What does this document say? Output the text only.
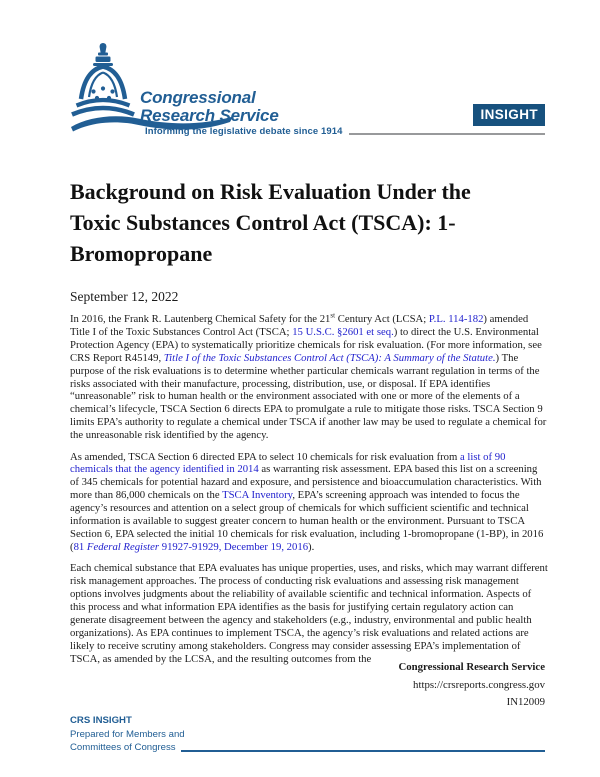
Congressional
Research Service
Informing the legislative debate since 1914
INSIGHT
Background on Risk Evaluation Under the Toxic Substances Control Act (TSCA): 1-Bromopropane
September 12, 2022

In 2016, the Frank R. Lautenberg Chemical Safety for the 21st Century Act (LCSA; P.L. 114-182) amended Title I of the Toxic Substances Control Act (TSCA; 15 U.S.C. §2601 et seq.) to direct the U.S. Environmental Protection Agency (EPA) to systematically prioritize chemicals for risk evaluation. (For more information, see CRS Report R45149, Title I of the Toxic Substances Control Act (TSCA): A Summary of the Statute.) The purpose of the risk evaluations is to determine whether particular chemicals warrant regulation in terms of the risks associated with their manufacture, processing, distribution, use, or disposal. If EPA identifies “unreasonable” risk to human health or the environment associated with one or more of the elements of a chemical’s lifecycle, TSCA Section 6 directs EPA to promulgate a rule to mitigate those risks. TSCA Section 9 limits EPA’s authority to regulate a chemical under TSCA if another law may be used to regulate a chemical for the unreasonable risk identified by the agency.

As amended, TSCA Section 6 directed EPA to select 10 chemicals for risk evaluation from a list of 90 chemicals that the agency identified in 2014 as warranting risk assessment. EPA based this list on a screening of 345 chemicals for potential hazard and exposure, and persistence and bioaccumulation characteristics. With more than 86,000 chemicals on the TSCA Inventory, EPA’s screening approach was intended to focus the agency’s resources and attention on a select group of chemicals for which sufficient scientific and technical information is available to suggest greater concern to human health or the environment. Pursuant to TSCA Section 6, EPA selected the initial 10 chemicals for risk evaluation, including 1-bromopropane (1-BP), in 2016 (81 Federal Register 91927-91929, December 19, 2016).

Each chemical substance that EPA evaluates has unique properties, uses, and risks, which may warrant different risk management approaches. The process of conducting risk evaluations and assessing risk management options involves judgments about the reliability of available scientific and technical information. Aspects of this process and what information EPA identifies as the basis for justifying certain regulatory action can generate disagreement between the agency and stakeholders (e.g., industry, environmental and public health organizations). As EPA continues to implement TSCA, the agency’s risk evaluations and related actions are likely to receive scrutiny among stakeholders. Congress may consider assessing EPA’s implementation of TSCA, as amended by the LCSA, and the resulting outcomes from the

Congressional Research Service
https://crsreports.congress.gov
IN12009
CRS INSIGHT
Prepared for Members and
Committees of Congress
